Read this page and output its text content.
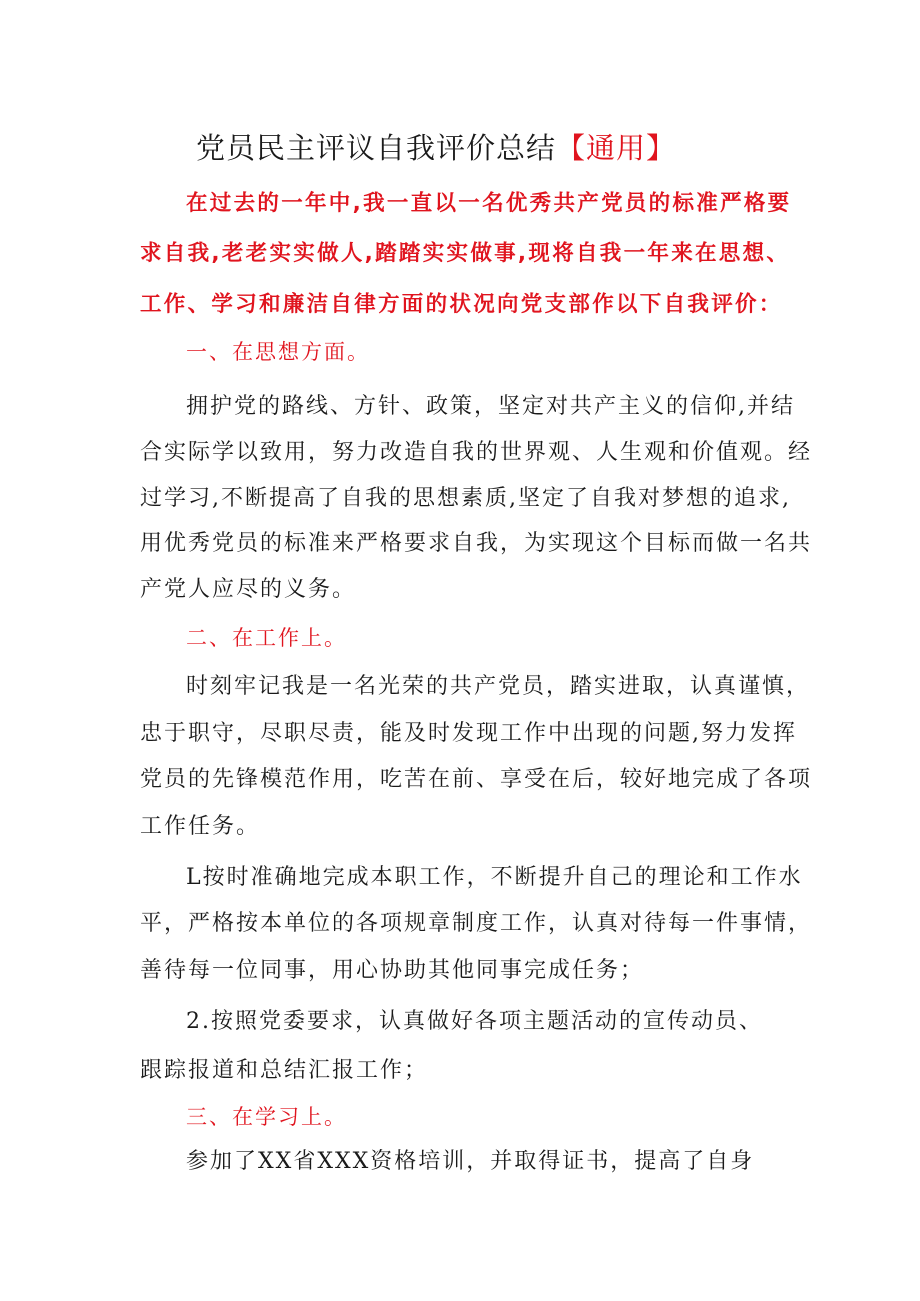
党员民主评议自我评价总结【通用】
在过去的一年中,我一直以一名优秀共产党员的标准严格要
求自我,老老实实做人,踏踏实实做事,现将自我一年来在思想、
工作、学习和廉洁自律方面的状况向党支部作以下自我评价：
一、在思想方面。
拥护党的路线、方针、政策，坚定对共产主义的信仰,并结
合实际学以致用，努力改造自我的世界观、人生观和价值观。经
过学习,不断提高了自我的思想素质,坚定了自我对梦想的追求,
用优秀党员的标准来严格要求自我，为实现这个目标而做一名共
产党人应尽的义务。
二、在工作上。
时刻牢记我是一名光荣的共产党员，踏实进取，认真谨慎，
忠于职守，尽职尽责，能及时发现工作中出现的问题,努力发挥
党员的先锋模范作用，吃苦在前、享受在后，较好地完成了各项
工作任务。
L按时准确地完成本职工作，不断提升自己的理论和工作水
平，严格按本单位的各项规章制度工作，认真对待每一件事情，
善待每一位同事，用心协助其他同事完成任务；
2.按照党委要求，认真做好各项主题活动的宣传动员、
跟踪报道和总结汇报工作；
三、在学习上。
参加了XX省XXX资格培训，并取得证书，提高了自身
